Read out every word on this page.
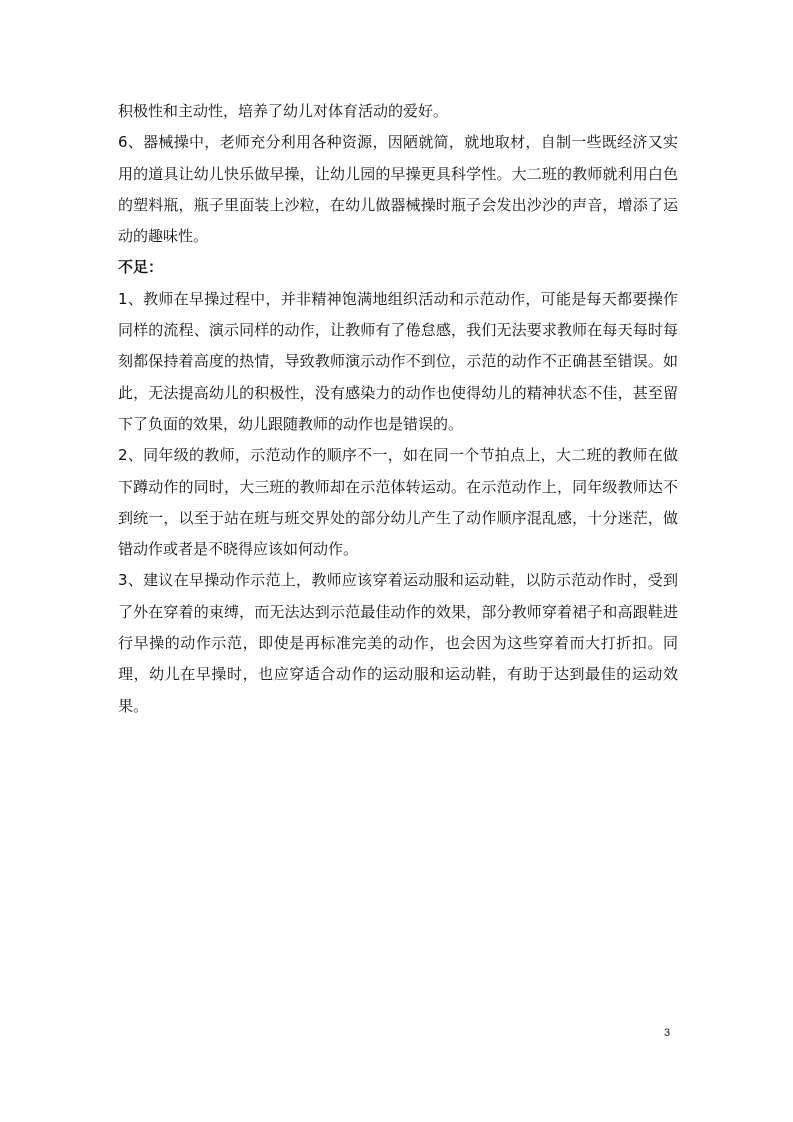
积极性和主动性，培养了幼儿对体育活动的爱好。

6、器械操中，老师充分利用各种资源，因陋就简，就地取材，自制一些既经济又实用的道具让幼儿快乐做早操，让幼儿园的早操更具科学性。大二班的教师就利用白色的塑料瓶，瓶子里面装上沙粒，在幼儿做器械操时瓶子会发出沙沙的声音，增添了运动的趣味性。

不足：

1、教师在早操过程中，并非精神饱满地组织活动和示范动作，可能是每天都要操作同样的流程、演示同样的动作，让教师有了倦怠感，我们无法要求教师在每天每时每刻都保持着高度的热情，导致教师演示动作不到位，示范的动作不正确甚至错误。如此，无法提高幼儿的积极性，没有感染力的动作也使得幼儿的精神状态不佳，甚至留下了负面的效果，幼儿跟随教师的动作也是错误的。

2、同年级的教师，示范动作的顺序不一，如在同一个节拍点上，大二班的教师在做下蹲动作的同时，大三班的教师却在示范体转运动。在示范动作上，同年级教师达不到统一，以至于站在班与班交界处的部分幼儿产生了动作顺序混乱感，十分迷茫，做错动作或者是不晓得应该如何动作。

3、建议在早操动作示范上，教师应该穿着运动服和运动鞋，以防示范动作时，受到了外在穿着的束缚，而无法达到示范最佳动作的效果，部分教师穿着裙子和高跟鞋进行早操的动作示范，即使是再标准完美的动作，也会因为这些穿着而大打折扣。同理，幼儿在早操时，也应穿适合动作的运动服和运动鞋，有助于达到最佳的运动效果。

3
